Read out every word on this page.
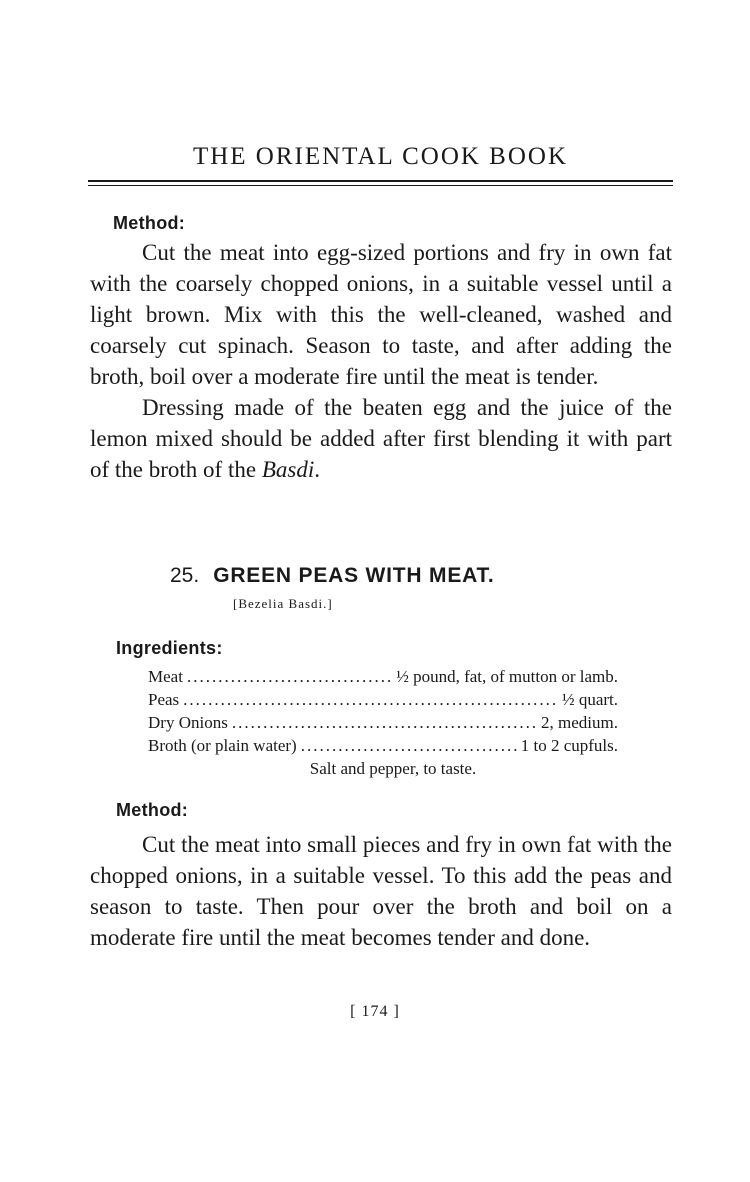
THE ORIENTAL COOK BOOK
Method:

Cut the meat into egg-sized portions and fry in own fat with the coarsely chopped onions, in a suitable vessel until a light brown. Mix with this the well-cleaned, washed and coarsely cut spinach. Season to taste, and after adding the broth, boil over a moderate fire until the meat is tender.

Dressing made of the beaten egg and the juice of the lemon mixed should be added after first blending it with part of the broth of the Basdi.

25. GREEN PEAS WITH MEAT.
[Bezelia Basdi.]
Ingredients:
Meat .....	½ pound, fat, of mutton or lamb.
Peas .....	½ quart.
Dry Onions .....	2, medium.
Broth (or plain water) .....	1 to 2 cupfuls.
Salt and pepper, to taste.
Method:

Cut the meat into small pieces and fry in own fat with the chopped onions, in a suitable vessel. To this add the peas and season to taste. Then pour over the broth and boil on a moderate fire until the meat becomes tender and done.

[ 174 ]
